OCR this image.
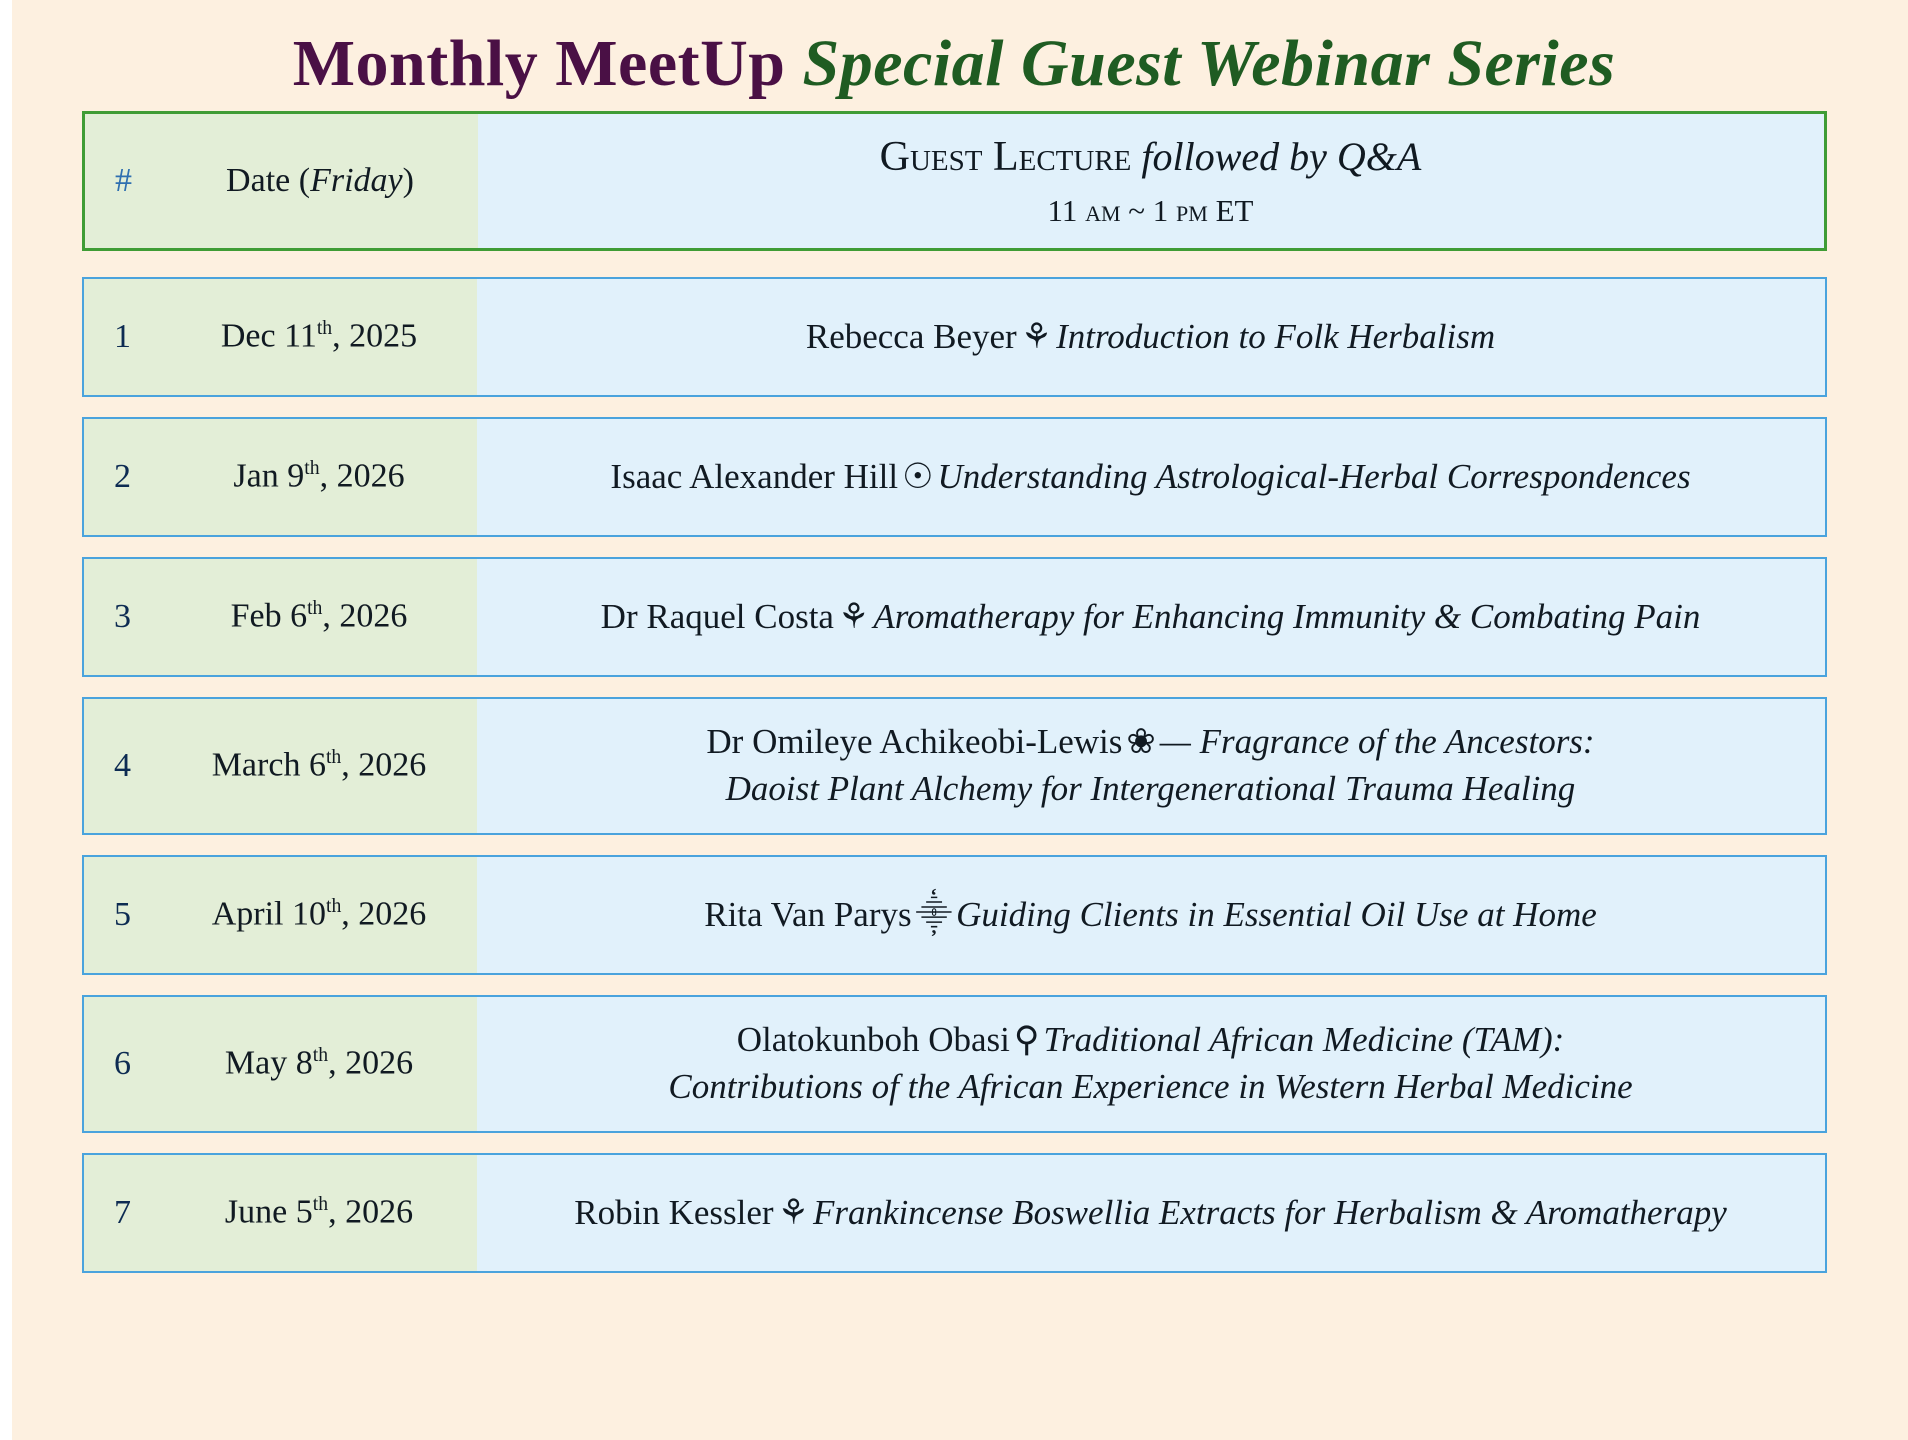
Monthly MeetUp Special Guest Webinar Series
#	Date ( Friday )	Guest Lecture followed by Q&A
11 am ~ 1 pm ET
1	Dec 11th, 2025	Rebecca Beyer ⚘ Introduction to Folk Herbalism
2	Jan 9th, 2026	Isaac Alexander Hill ☉ Understanding Astrological-Herbal Correspondences
3	Feb 6th, 2026	Dr Raquel Costa ⚘ Aromatherapy for Enhancing Immunity & Combating Pain
4	March 6th, 2026
Dr Omileye Achikeobi-Lewis ❀ — Fragrance of the Ancestors:
Daoist Plant Alchemy for Intergenerational Trauma Healing
5	April 10th, 2026	Rita Van Parys ⸎ Guiding Clients in Essential Oil Use at Home
6	May 8th, 2026
Olatokunboh Obasi ⚲ Traditional African Medicine (TAM):
Contributions of the African Experience in Western Herbal Medicine
7	June 5th, 2026	Robin Kessler ⚘ Frankincense Boswellia Extracts for Herbalism & Aromatherapy
